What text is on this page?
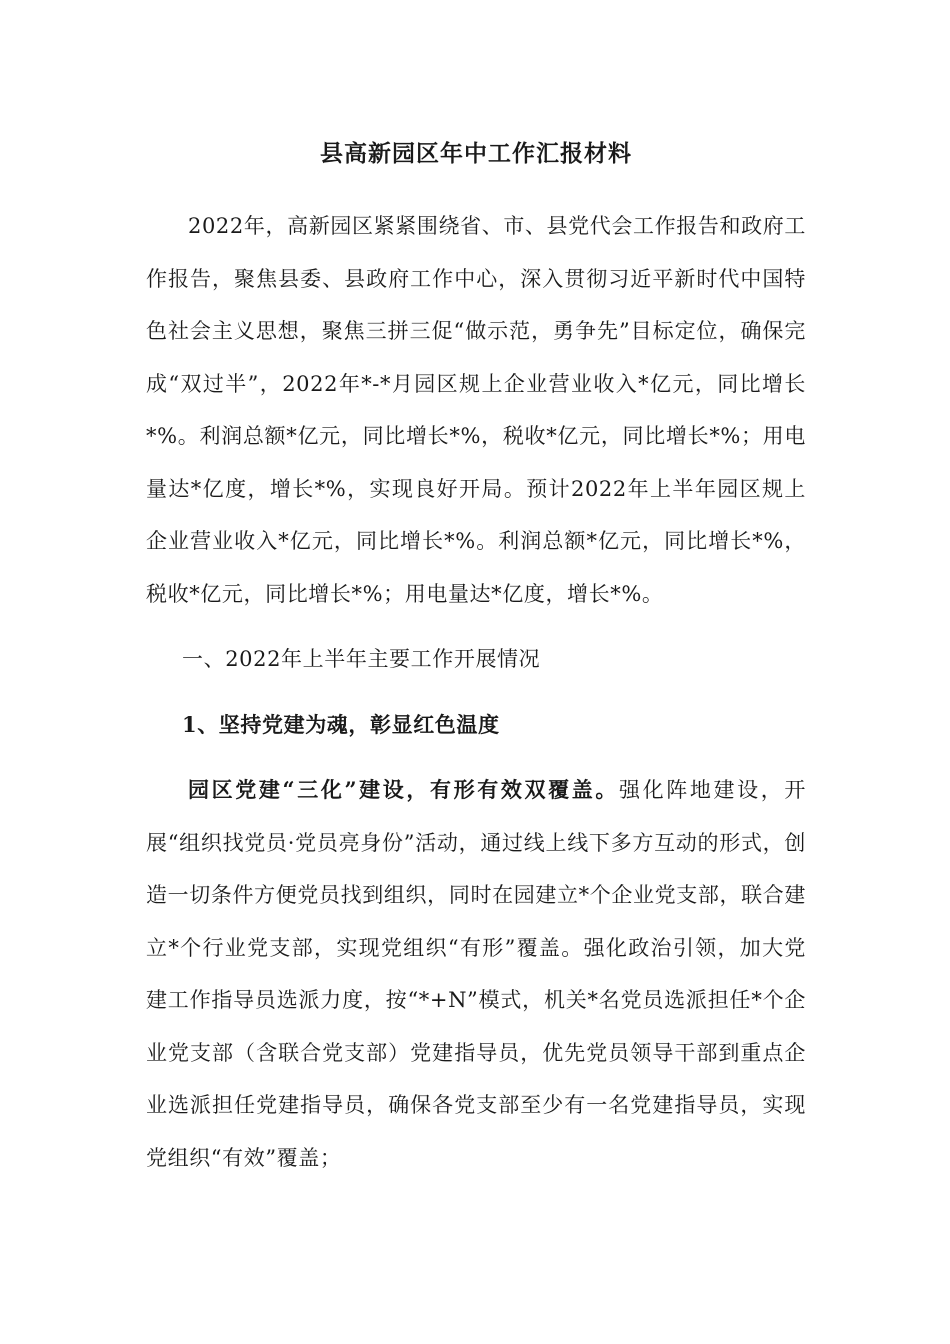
县高新园区年中工作汇报材料

2022年，高新园区紧紧围绕省、市、县党代会工作报告和政府工作报告，聚焦县委、县政府工作中心，深入贯彻习近平新时代中国特色社会主义思想，聚焦三拼三促“做示范，勇争先”目标定位，确保完成“双过半”，2022年*-*月园区规上企业营业收入*亿元，同比增长*%。利润总额*亿元，同比增长*%，税收*亿元，同比增长*%；用电量达*亿度，增长*%，实现良好开局。预计2022年上半年园区规上企业营业收入*亿元，同比增长*%。利润总额*亿元，同比增长*%，税收*亿元，同比增长*%；用电量达*亿度，增长*%。

一、2022年上半年主要工作开展情况

1、坚持党建为魂，彰显红色温度

园区党建“三化”建设，有形有效双覆盖。强化阵地建设，开展“组织找党员·党员亮身份”活动，通过线上线下多方互动的形式，创造一切条件方便党员找到组织，同时在园建立*个企业党支部，联合建立*个行业党支部，实现党组织“有形”覆盖。强化政治引领，加大党建工作指导员选派力度，按“*+N”模式，机关*名党员选派担任*个企业党支部（含联合党支部）党建指导员，优先党员领导干部到重点企业选派担任党建指导员，确保各党支部至少有一名党建指导员，实现党组织“有效”覆盖；
